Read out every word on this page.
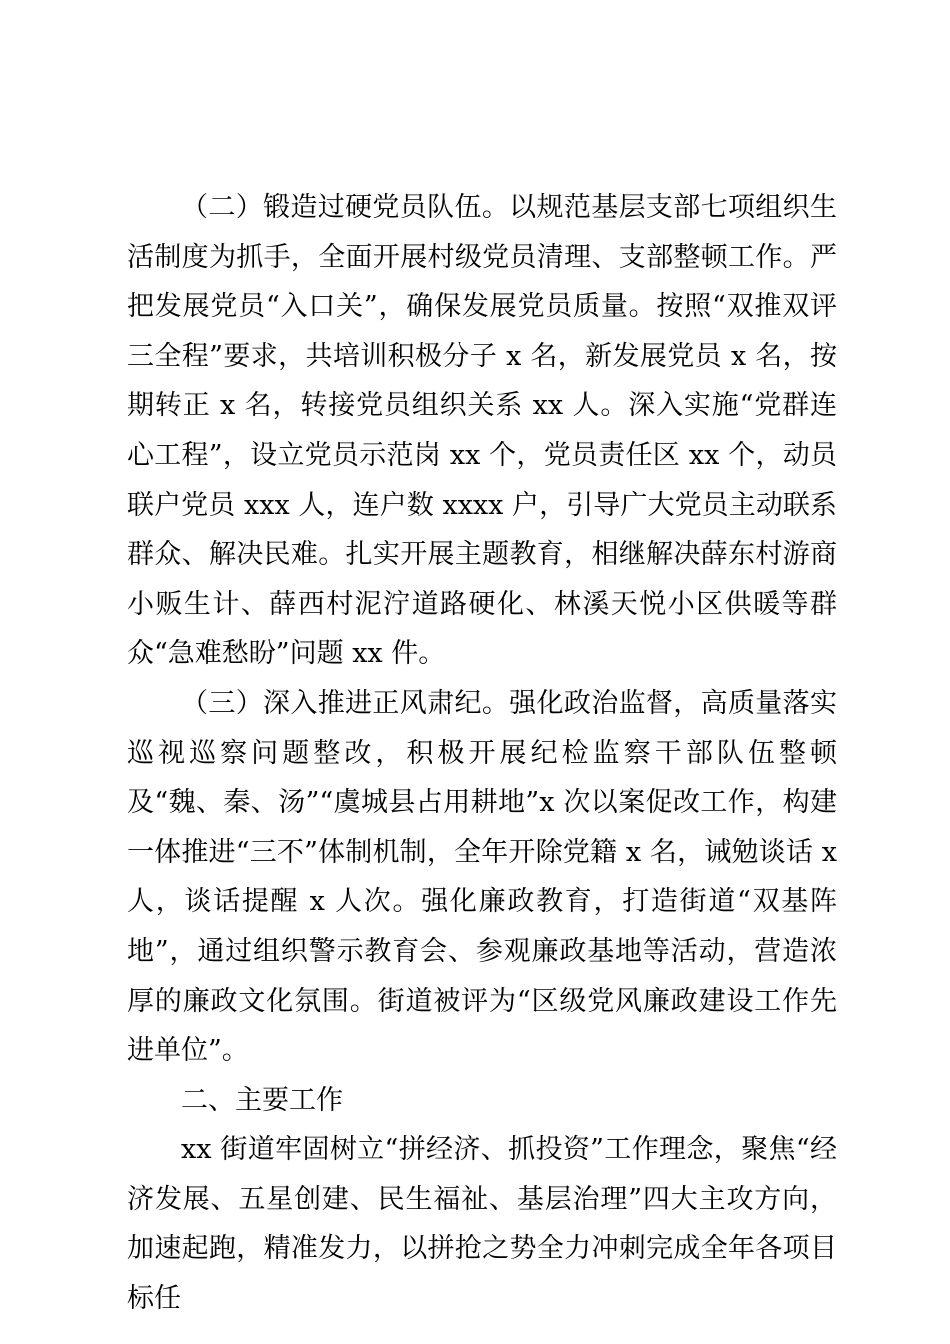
（二）锻造过硬党员队伍。以规范基层支部七项组织生活制度为抓手，全面开展村级党员清理、支部整顿工作。严把发展党员“入口关”，确保发展党员质量。按照“双推双评三全程”要求，共培训积极分子 x 名，新发展党员 x 名，按期转正 x 名，转接党员组织关系 xx 人。深入实施“党群连心工程”，设立党员示范岗 xx 个，党员责任区 xx 个，动员联户党员 xxx 人，连户数 xxxx 户，引导广大党员主动联系群众、解决民难。扎实开展主题教育，相继解决薛东村游商小贩生计、薛西村泥泞道路硬化、林溪天悦小区供暖等群众“急难愁盼”问题 xx 件。

（三）深入推进正风肃纪。强化政治监督，高质量落实巡视巡察问题整改，积极开展纪检监察干部队伍整顿及“魏、秦、汤”“虞城县占用耕地”x 次以案促改工作，构建一体推进“三不”体制机制，全年开除党籍 x 名，诫勉谈话 x 人，谈话提醒 x 人次。强化廉政教育，打造街道“双基阵地”，通过组织警示教育会、参观廉政基地等活动，营造浓厚的廉政文化氛围。街道被评为“区级党风廉政建设工作先进单位”。

二、主要工作

xx 街道牢固树立“拼经济、抓投资”工作理念，聚焦“经济发展、五星创建、民生福祉、基层治理”四大主攻方向，加速起跑，精准发力，以拼抢之势全力冲刺完成全年各项目标任
